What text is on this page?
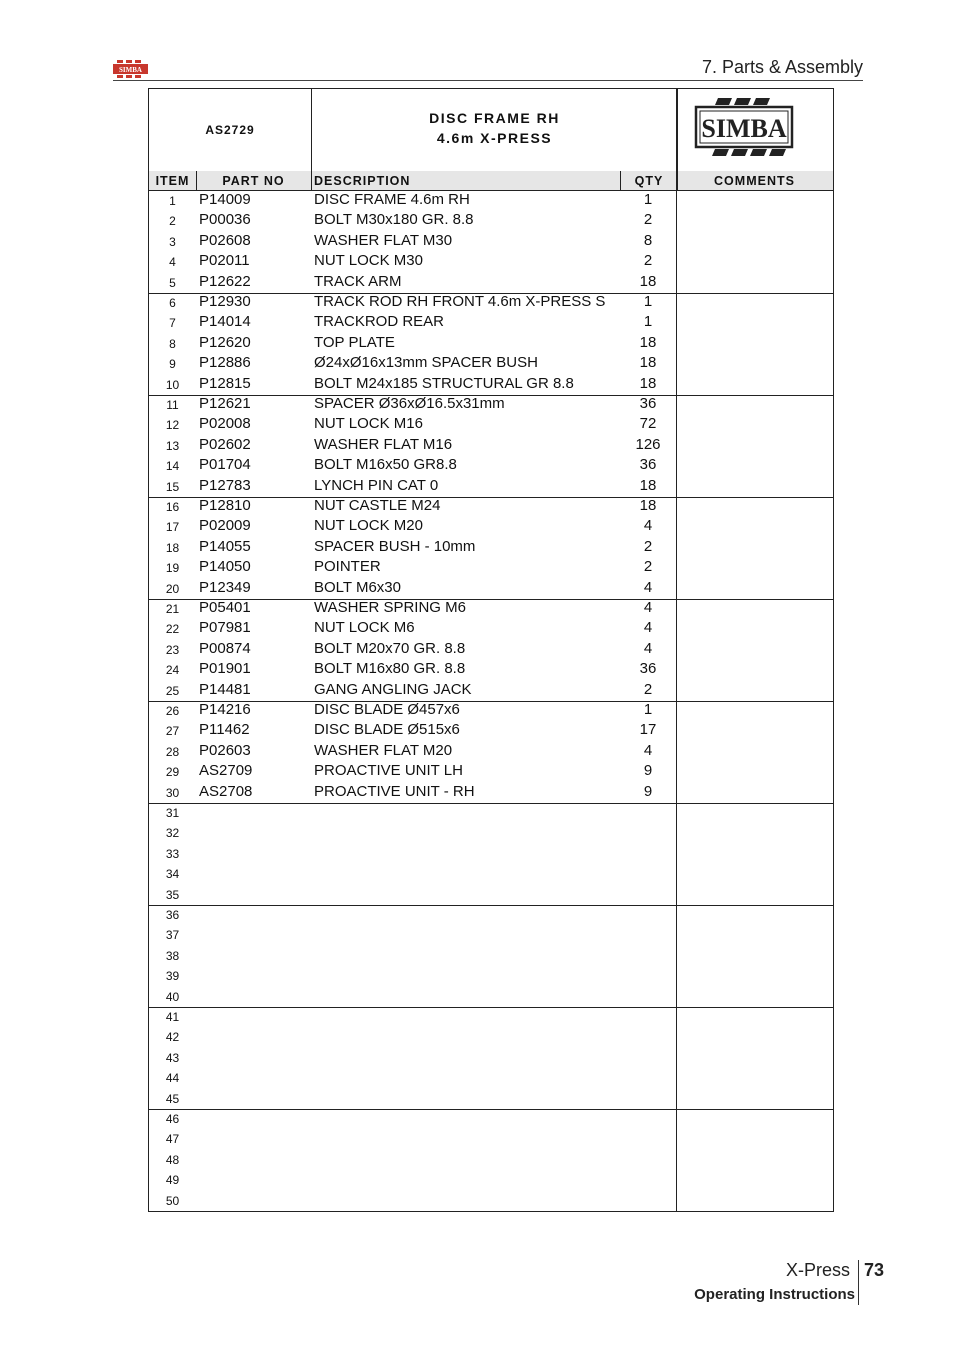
SIMBA	7. Parts & Assembly
AS2729
DISC FRAME RH
4.6m X-PRESS	SIMBA
ITEM	PART NO	DESCRIPTION	QTY	COMMENTS
1	P14009	DISC FRAME 4.6m RH	1
2	P00036	BOLT M30x180 GR. 8.8	2
3	P02608	WASHER FLAT M30	8
4	P02011	NUT LOCK M30	2
5	P12622	TRACK ARM	18
6	P12930	TRACK ROD RH FRONT 4.6m X-PRESS S	1
7	P14014	TRACKROD REAR	1
8	P12620	TOP PLATE	18
9	P12886	Ø24xØ16x13mm SPACER BUSH	18
10	P12815	BOLT M24x185 STRUCTURAL GR 8.8	18
11	P12621	SPACER Ø36xØ16.5x31mm	36
12	P02008	NUT LOCK M16	72
13	P02602	WASHER FLAT M16	126
14	P01704	BOLT M16x50 GR8.8	36
15	P12783	LYNCH PIN CAT 0	18
16	P12810	NUT CASTLE M24	18
17	P02009	NUT LOCK M20	4
18	P14055	SPACER BUSH - 10mm	2
19	P14050	POINTER	2
20	P12349	BOLT M6x30	4
21	P05401	WASHER SPRING M6	4
22	P07981	NUT LOCK M6	4
23	P00874	BOLT M20x70 GR. 8.8	4
24	P01901	BOLT M16x80 GR. 8.8	36
25	P14481	GANG ANGLING JACK	2
26	P14216	DISC BLADE Ø457x6	1
27	P11462	DISC BLADE Ø515x6	17
28	P02603	WASHER FLAT M20	4
29	AS2709	PROACTIVE UNIT LH	9
30	AS2708	PROACTIVE UNIT - RH	9
31
32
33
34
35
36
37
38
39
40
41
42
43
44
45
46
47
48
49
50
X-Press 73
Operating Instructions
